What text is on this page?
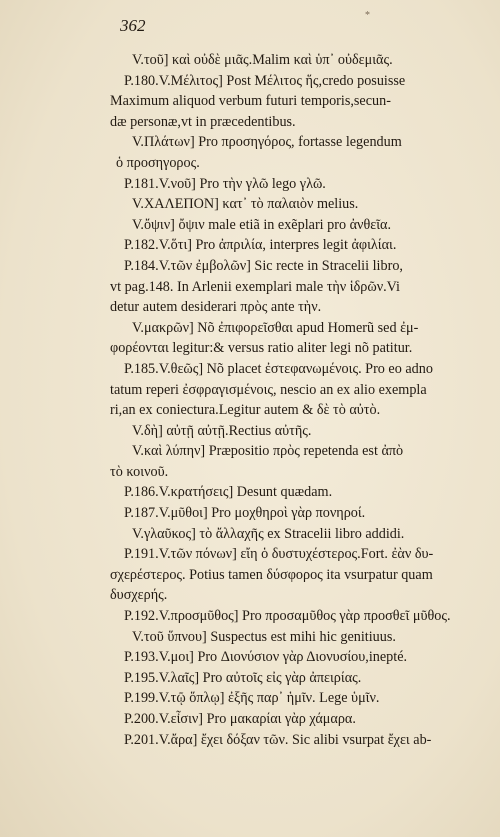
362
*
V.τοῦ] καὶ οὐδὲ μιᾶς.Malim καὶ ὑπ᾽ οὐδεμιᾶς.
P.180.V.Μέλιτος] Post Μέλιτος ἥς,credo posuisse
Maximum aliquod verbum futuri temporis,secun-
dæ personæ,vt in præcedentibus.
V.Πλάτων] Pro προσηγόρος, fortasse legendum
ὁ προσηγορος.
P.181.V.νοῦ] Pro τὴν γλῶ lego γλῶ.
V.ΧΑΛΕΠΟΝ] κατ᾽ τὸ παλαιὸν melius.
V.ὄψιν] ὄψιν male etiã in exẽplari pro ἀνθεῖα.
P.182.V.ὅτι] Pro ἀπριλία, interpres legit ἀφιλίαι.
P.184.V.τῶν ἐμβολῶν] Sic recte in Stracelii libro,
vt pag.148. In Arlenii exemplari male τὴν ἱδρῶν.Vi
detur autem desiderari πρὸς ante τὴν.
V.μακρῶν] Nõ ἐπιφορεῖσθαι apud Homerũ sed ἐμ-
φορέονται legitur:& versus ratio aliter legi nõ patitur.
P.185.V.θεῶς] Nõ placet ἐστεφανωμένοις. Pro eo adno
tatum reperi ἐσφραγισμένοις, nescio an ex alio exempla
ri,an ex coniectura.Legitur autem & δὲ τὸ αὐτὸ.
V.δὴ] αὐτῇ αὐτῇ.Rectius αὐτῆς.
V.καὶ λύπην] Præpositio πρὸς repetenda est ἀπὸ
τὸ κοινοῦ.
P.186.V.κρατήσεις] Desunt quædam.
P.187.V.μῦθοι] Pro μοχθηροὶ γὰρ πονηροί.
V.γλαῦκος] τὸ ἄλλαχῆς ex Stracelii libro addidi.
P.191.V.τῶν πόνων] εἴη ὁ δυστυχέστερος.Fort. ἐὰν δυ-
σχερέστερος. Potius tamen δύσφορος ita vsurpatur quam
δυσχερής.
P.192.V.προσμῦθος] Pro προσαμῦθος γὰρ προσθεῖ μῦθος.
V.τοῦ ὕπνου] Suspectus est mihi hic genitiuus.
P.193.V.μοι] Pro Διονύσιον γὰρ Διονυσίου,inepté.
P.195.V.λαῖς] Pro αὐτοῖς εἰς γὰρ ἀπειρίας.
P.199.V.τῷ ὅπλῳ] ἐξῆς παρ᾽ ἡμῖν. Lege ὑμῖν.
P.200.V.εἶσιν] Pro μακαρίαι γὰρ χάμαρα.
P.201.V.ἄρα] ἔχει δόξαν τῶν. Sic alibi vsurpat ἔχει ab-
